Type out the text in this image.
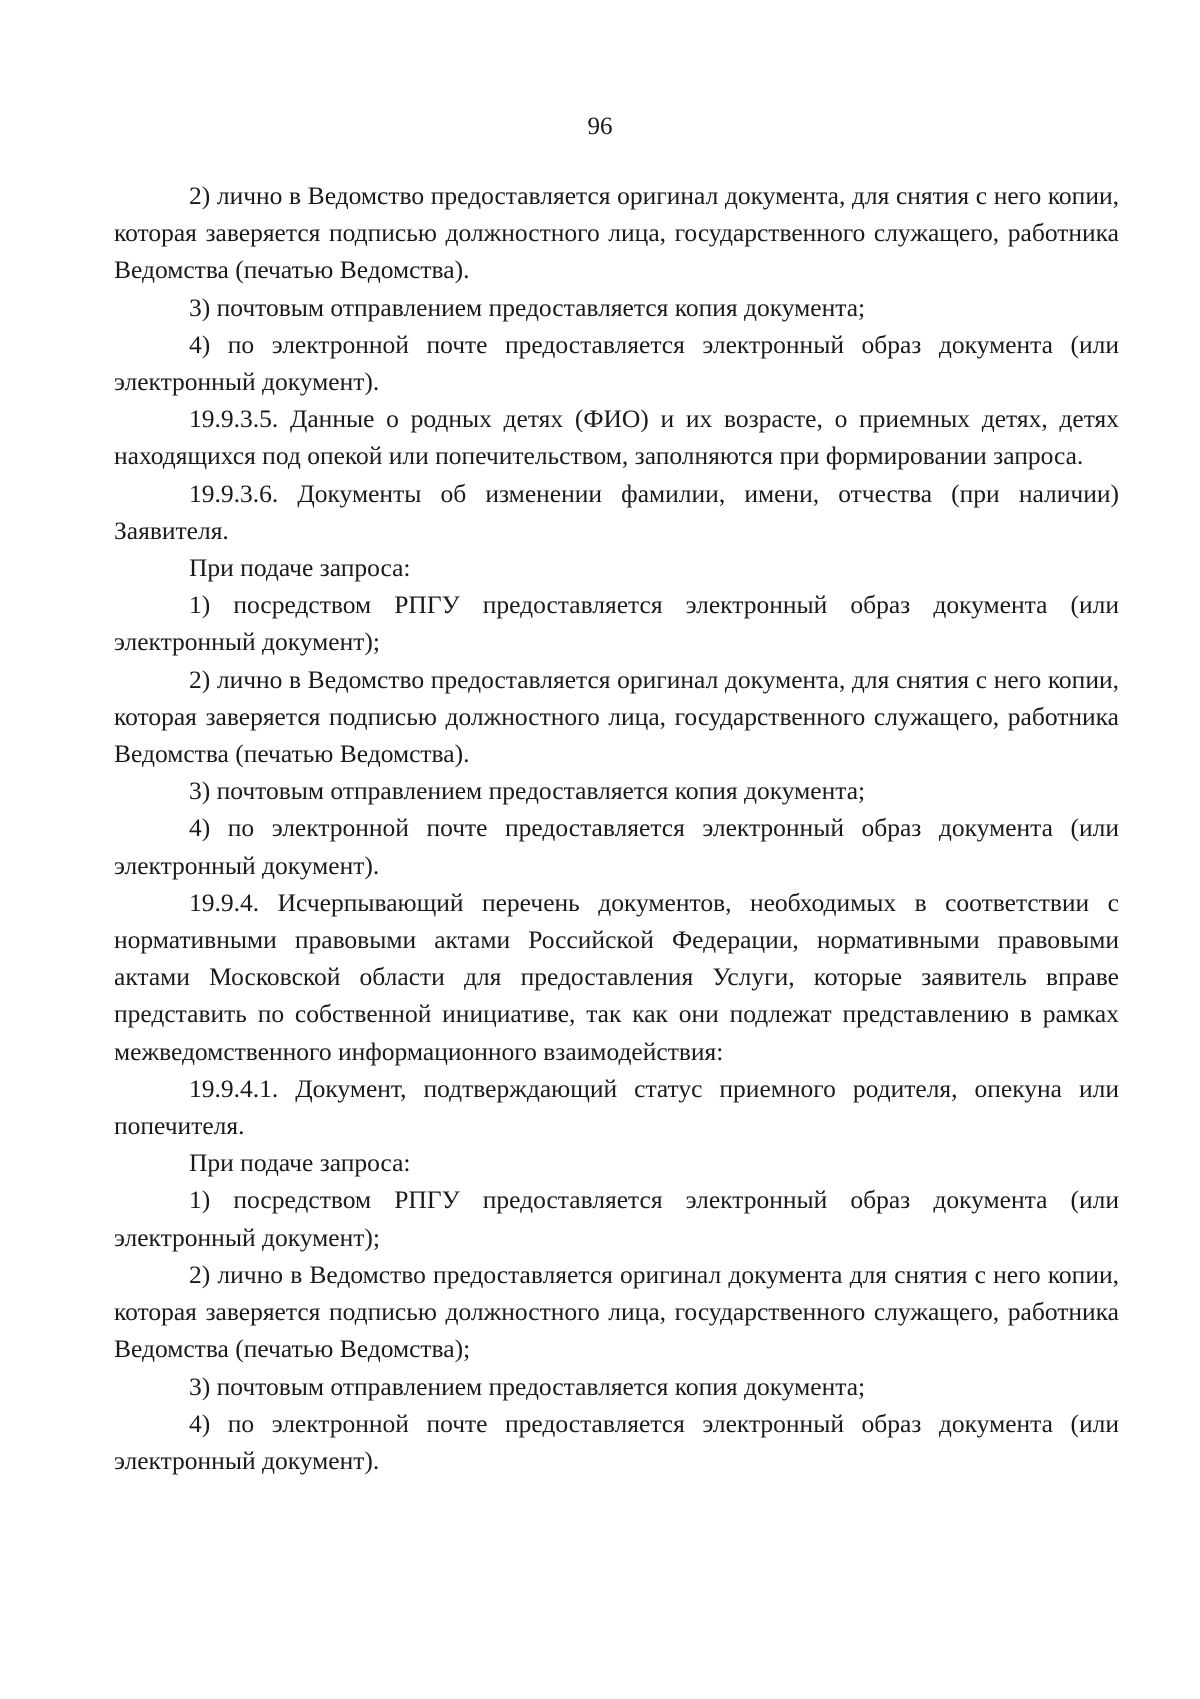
96

2) лично в Ведомство предоставляется оригинал документа, для снятия с него копии, которая заверяется подписью должностного лица, государственного служащего, работника Ведомства (печатью Ведомства).

3) почтовым отправлением предоставляется копия документа;

4) по электронной почте предоставляется электронный образ документа (или электронный документ).

19.9.3.5. Данные о родных детях (ФИО) и их возрасте, о приемных детях, детях находящихся под опекой или попечительством, заполняются при формировании запроса.

19.9.3.6. Документы об изменении фамилии, имени, отчества (при наличии) Заявителя.

При подаче запроса:

1) посредством РПГУ предоставляется электронный образ документа (или электронный документ);

2) лично в Ведомство предоставляется оригинал документа, для снятия с него копии, которая заверяется подписью должностного лица, государственного служащего, работника Ведомства (печатью Ведомства).

3) почтовым отправлением предоставляется копия документа;

4) по электронной почте предоставляется электронный образ документа (или электронный документ).

19.9.4. Исчерпывающий перечень документов, необходимых в соответствии с нормативными правовыми актами Российской Федерации, нормативными правовыми актами Московской области для предоставления Услуги, которые заявитель вправе представить по собственной инициативе, так как они подлежат представлению в рамках межведомственного информационного взаимодействия:

19.9.4.1. Документ, подтверждающий статус приемного родителя, опекуна или попечителя.

При подаче запроса:

1) посредством РПГУ предоставляется электронный образ документа (или электронный документ);

2) лично в Ведомство предоставляется оригинал документа для снятия с него копии, которая заверяется подписью должностного лица, государственного служащего, работника Ведомства (печатью Ведомства);

3) почтовым отправлением предоставляется копия документа;

4) по электронной почте предоставляется электронный образ документа (или электронный документ).
